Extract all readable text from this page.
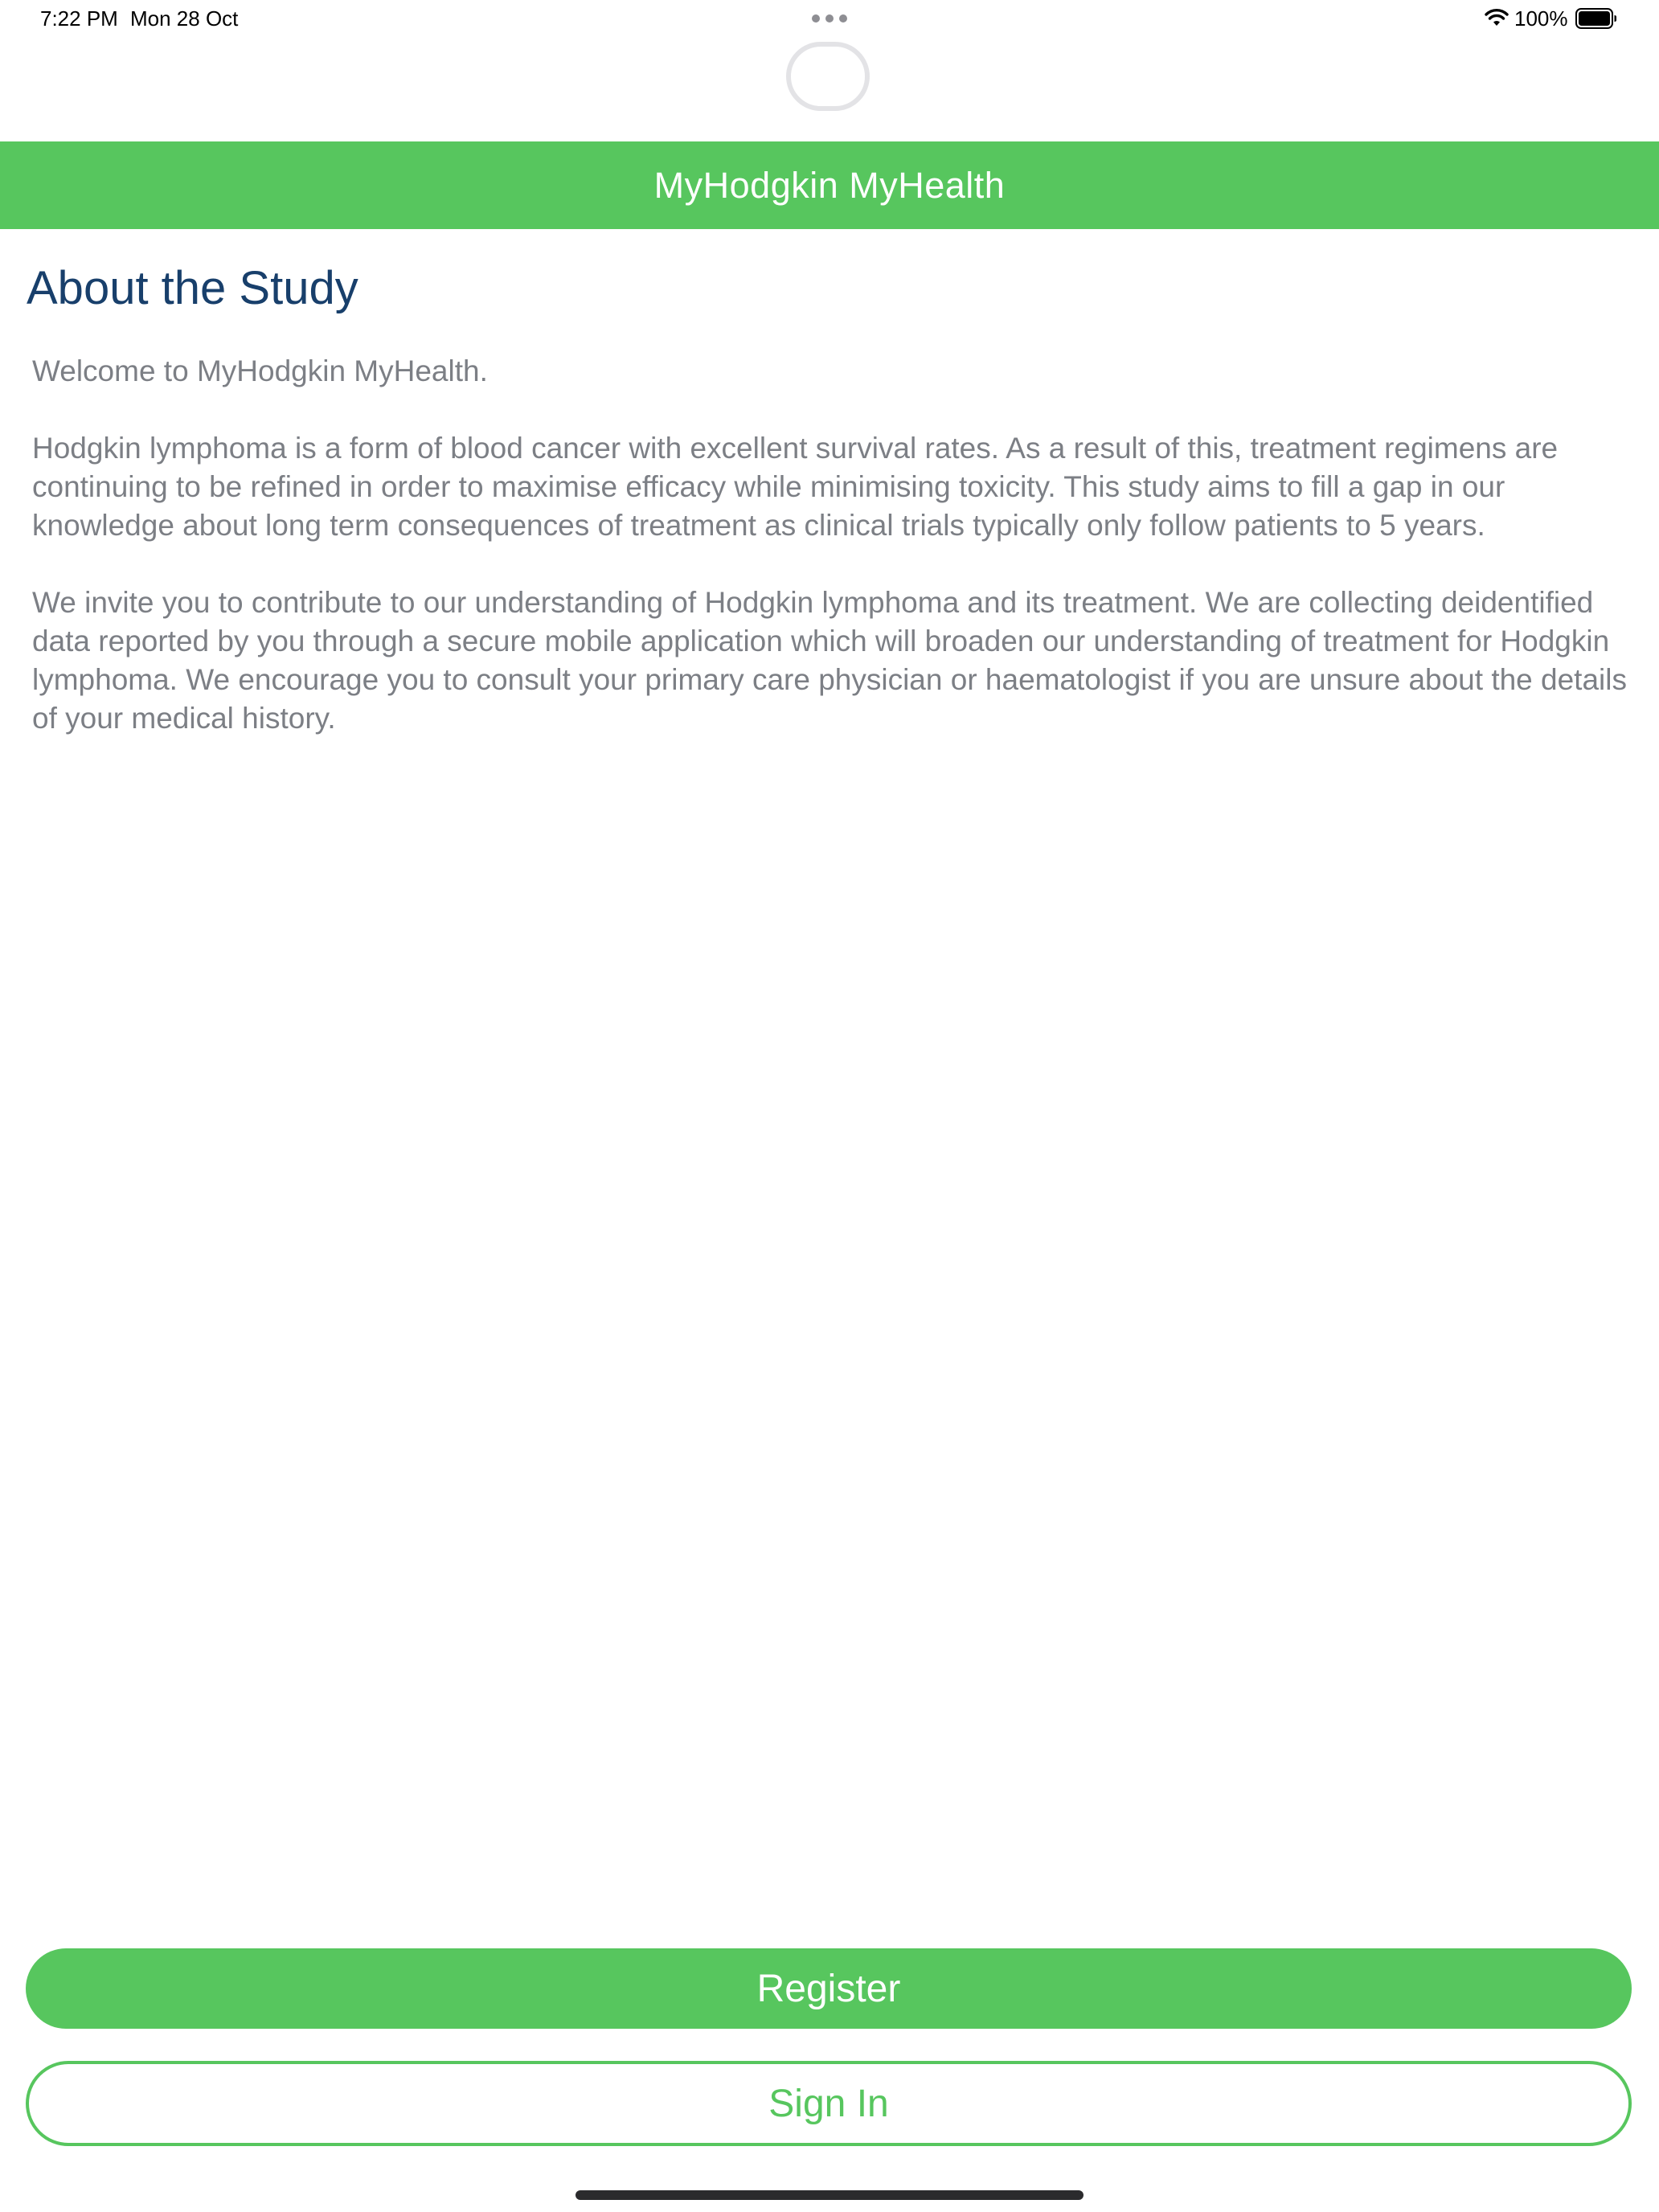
7:22 PM Mon 28 Oct	100%
MyHodgkin MyHealth
About the Study

Welcome to MyHodgkin MyHealth.

Hodgkin lymphoma is a form of blood cancer with excellent survival rates. As a result of this, treatment regimens are continuing to be refined in order to maximise efficacy while minimising toxicity. This study aims to fill a gap in our knowledge about long term consequences of treatment as clinical trials typically only follow patients to 5 years.

We invite you to contribute to our understanding of Hodgkin lymphoma and its treatment. We are collecting deidentified data reported by you through a secure mobile application which will broaden our understanding of treatment for Hodgkin lymphoma. We encourage you to consult your primary care physician or haematologist if you are unsure about the details of your medical history.

Register
Sign In
